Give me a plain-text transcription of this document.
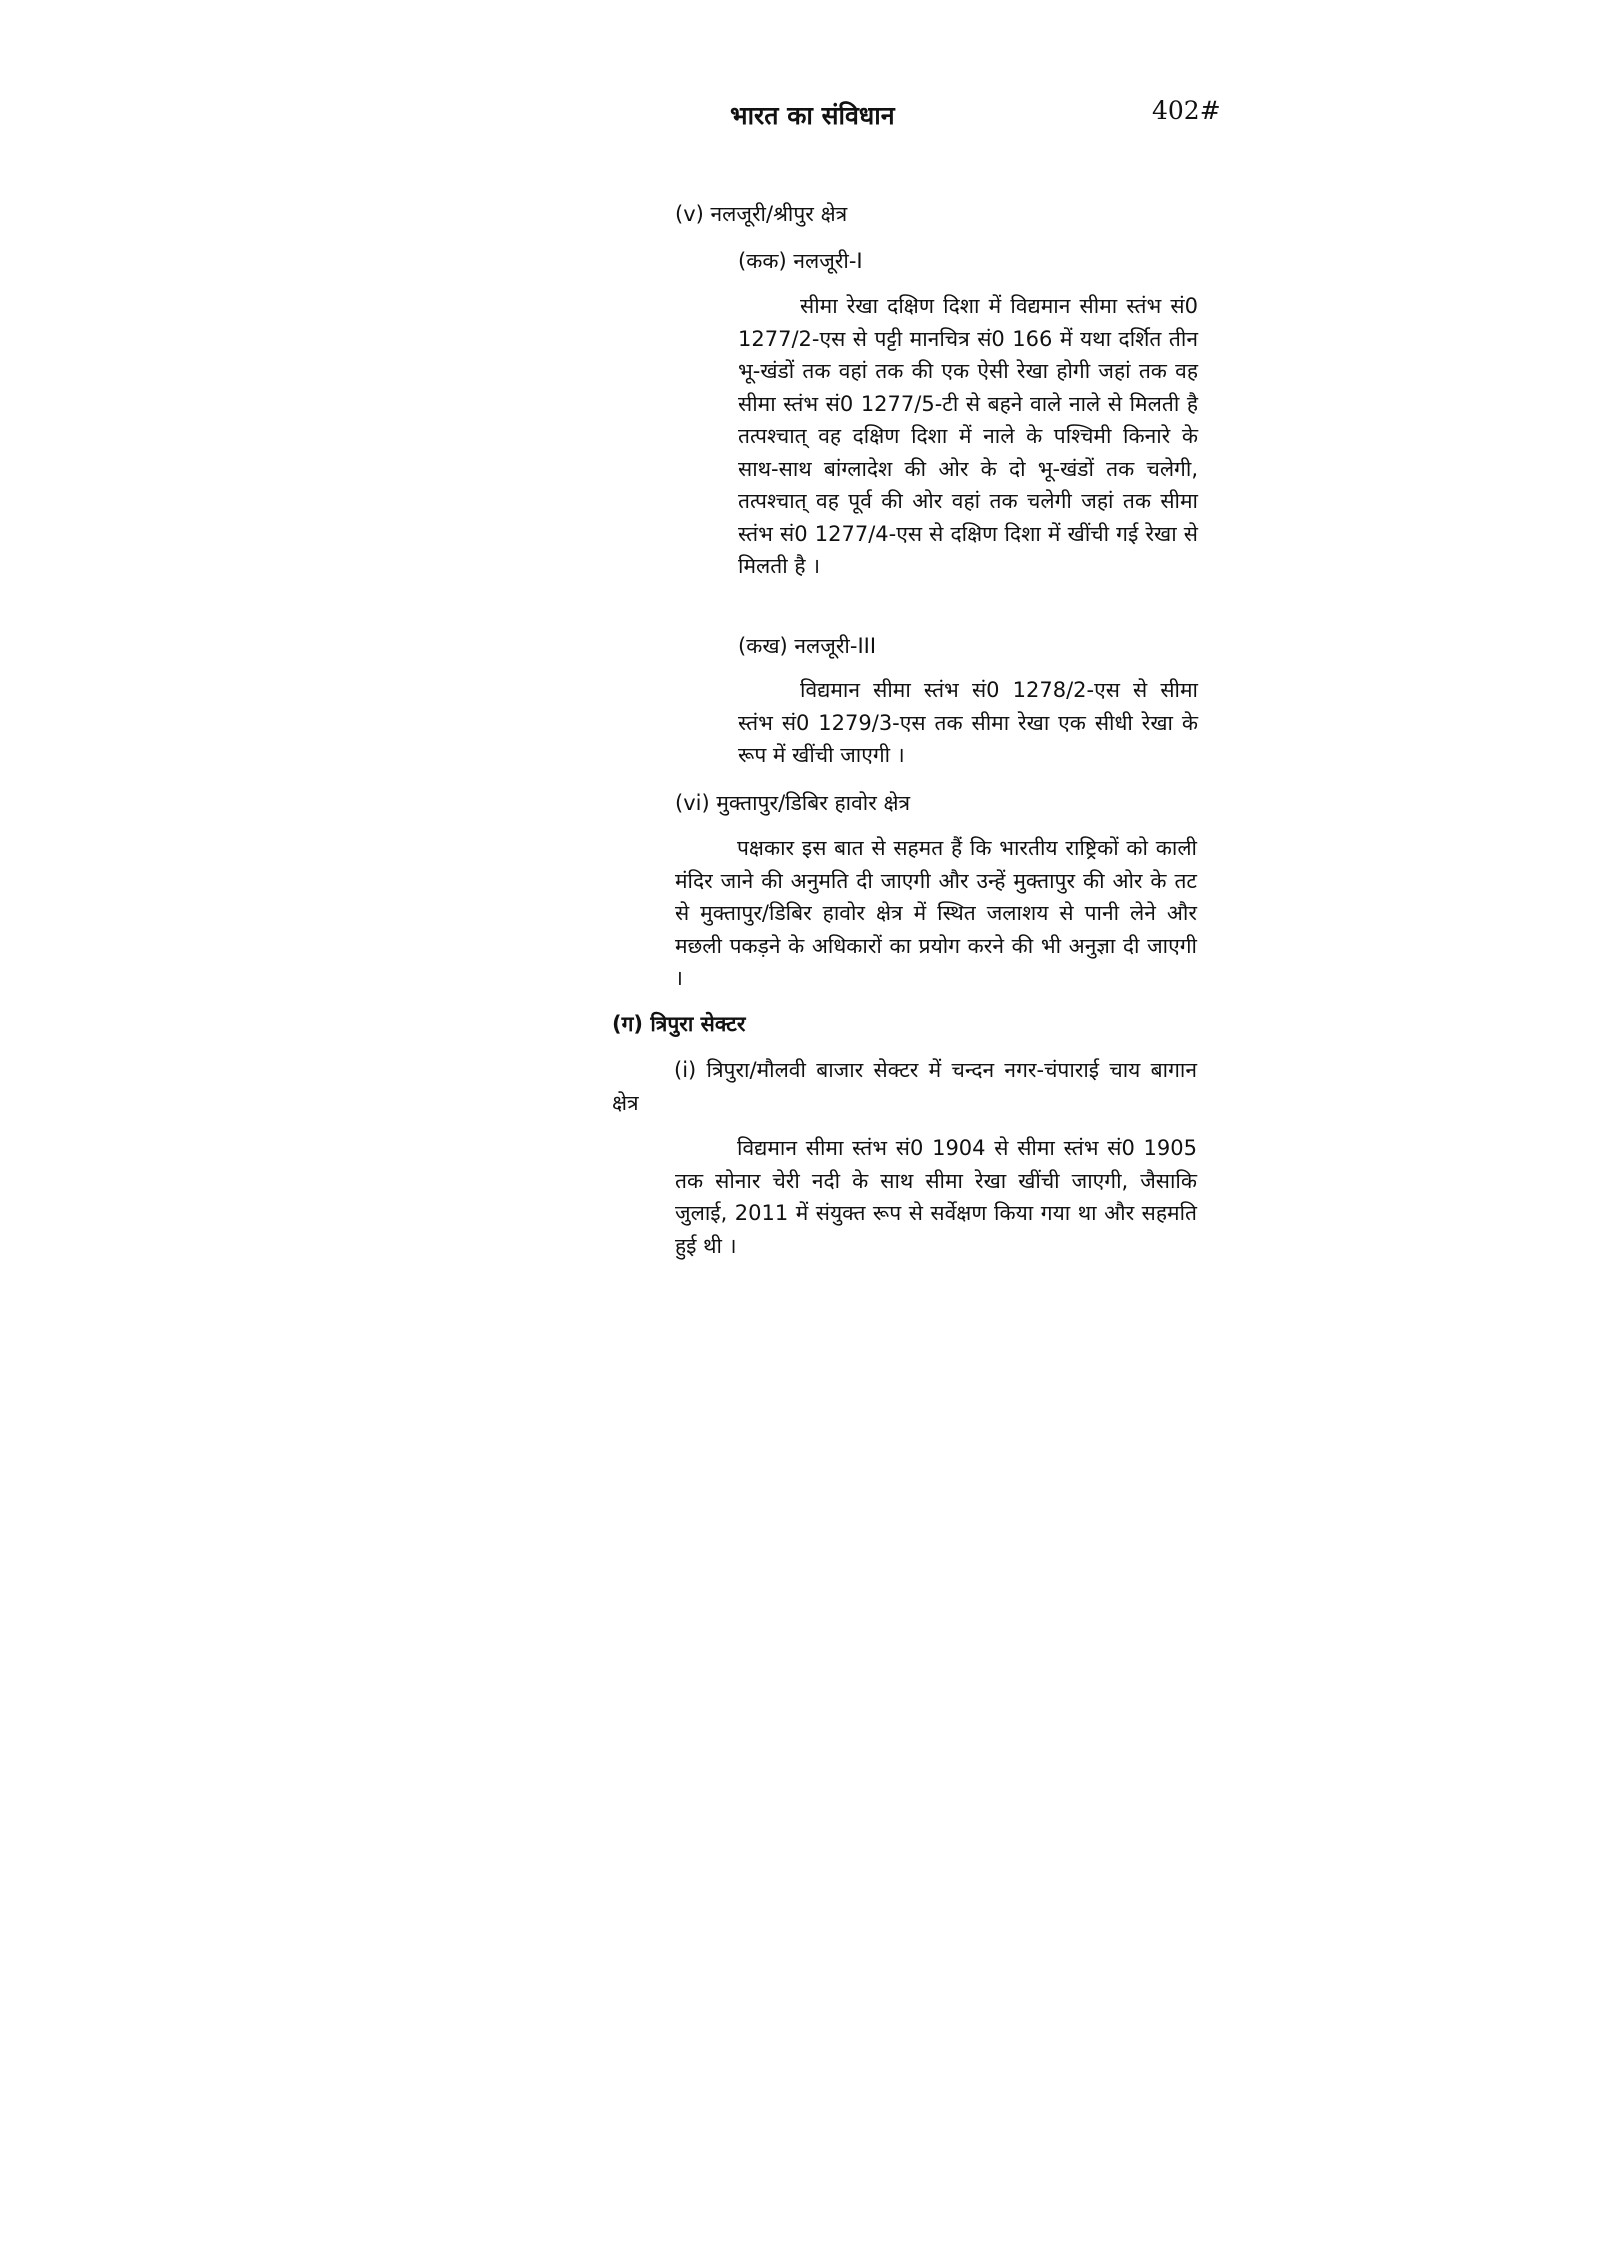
भारत का संविधान	402#
(v) नलजूरी/श्रीपुर क्षेत्र
(कक) नलजूरी-I
सीमा रेखा दक्षिण दिशा में विद्यमान सीमा स्तंभ सं0 1277/2-एस से पट्टी मानचित्र सं0 166 में यथा दर्शित तीन भू-खंडों तक वहां तक की एक ऐसी रेखा होगी जहां तक वह सीमा स्तंभ सं0 1277/5-टी से बहने वाले नाले से मिलती है तत्पश्चात् वह दक्षिण दिशा में नाले के पश्चिमी किनारे के साथ-साथ बांग्लादेश की ओर के दो भू-खंडों तक चलेगी, तत्पश्चात् वह पूर्व की ओर वहां तक चलेगी जहां तक सीमा स्तंभ सं0 1277/4-एस से दक्षिण दिशा में खींची गई रेखा से मिलती है ।
(कख) नलजूरी-III
विद्यमान सीमा स्तंभ सं0 1278/2-एस से सीमा स्तंभ सं0 1279/3-एस तक सीमा रेखा एक सीधी रेखा के रूप में खींची जाएगी ।
(vi) मुक्तापुर/डिबिर हावोर क्षेत्र
पक्षकार इस बात से सहमत हैं कि भारतीय राष्ट्रिकों को काली मंदिर जाने की अनुमति दी जाएगी और उन्हें मुक्तापुर की ओर के तट से मुक्तापुर/डिबिर हावोर क्षेत्र में स्थित जलाशय से पानी लेने और मछली पकड़ने के अधिकारों का प्रयोग करने की भी अनुज्ञा दी जाएगी ।
(ग) त्रिपुरा सेक्टर
(i) त्रिपुरा/मौलवी बाजार सेक्टर में चन्दन नगर-चंपाराई चाय बागान क्षेत्र
विद्यमान सीमा स्तंभ सं0 1904 से सीमा स्तंभ सं0 1905 तक सोनार चेरी नदी के साथ सीमा रेखा खींची जाएगी, जैसाकि जुलाई, 2011 में संयुक्त रूप से सर्वेक्षण किया गया था और सहमति हुई थी ।
